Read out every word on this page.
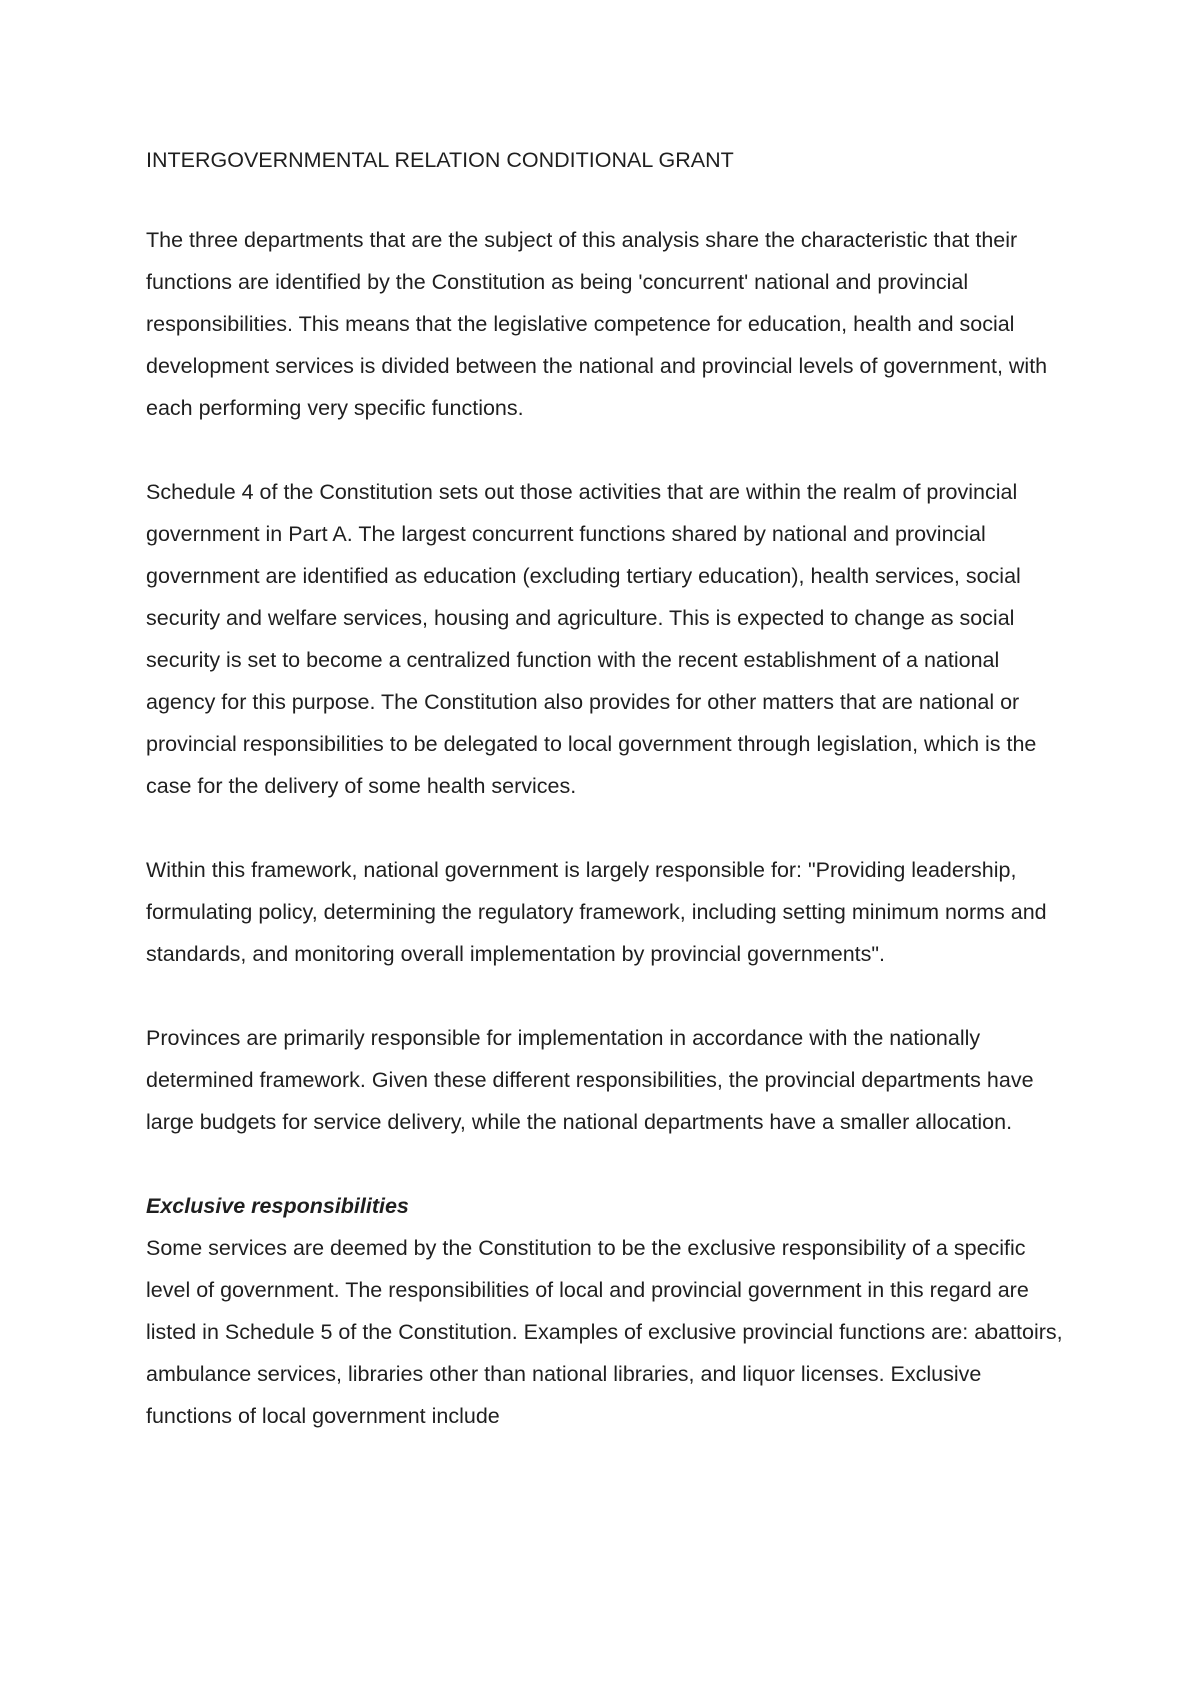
INTERGOVERNMENTAL RELATION CONDITIONAL GRANT

The three departments that are the subject of this analysis share the characteristic that their functions are identified by the Constitution as being 'concurrent' national and provincial responsibilities. This means that the legislative competence for education, health and social development services is divided between the national and provincial levels of government, with each performing very specific functions.

Schedule 4 of the Constitution sets out those activities that are within the realm of provincial government in Part A. The largest concurrent functions shared by national and provincial government are identified as education (excluding tertiary education), health services, social security and welfare services, housing and agriculture. This is expected to change as social security is set to become a centralized function with the recent establishment of a national agency for this purpose. The Constitution also provides for other matters that are national or provincial responsibilities to be delegated to local government through legislation, which is the case for the delivery of some health services.

Within this framework, national government is largely responsible for: "Providing leadership, formulating policy, determining the regulatory framework, including setting minimum norms and standards, and monitoring overall implementation by provincial governments".

Provinces are primarily responsible for implementation in accordance with the nationally determined framework. Given these different responsibilities, the provincial departments have large budgets for service delivery, while the national departments have a smaller allocation.

Exclusive responsibilities

Some services are deemed by the Constitution to be the exclusive responsibility of a specific level of government. The responsibilities of local and provincial government in this regard are listed in Schedule 5 of the Constitution. Examples of exclusive provincial functions are: abattoirs, ambulance services, libraries other than national libraries, and liquor licenses. Exclusive functions of local government include
